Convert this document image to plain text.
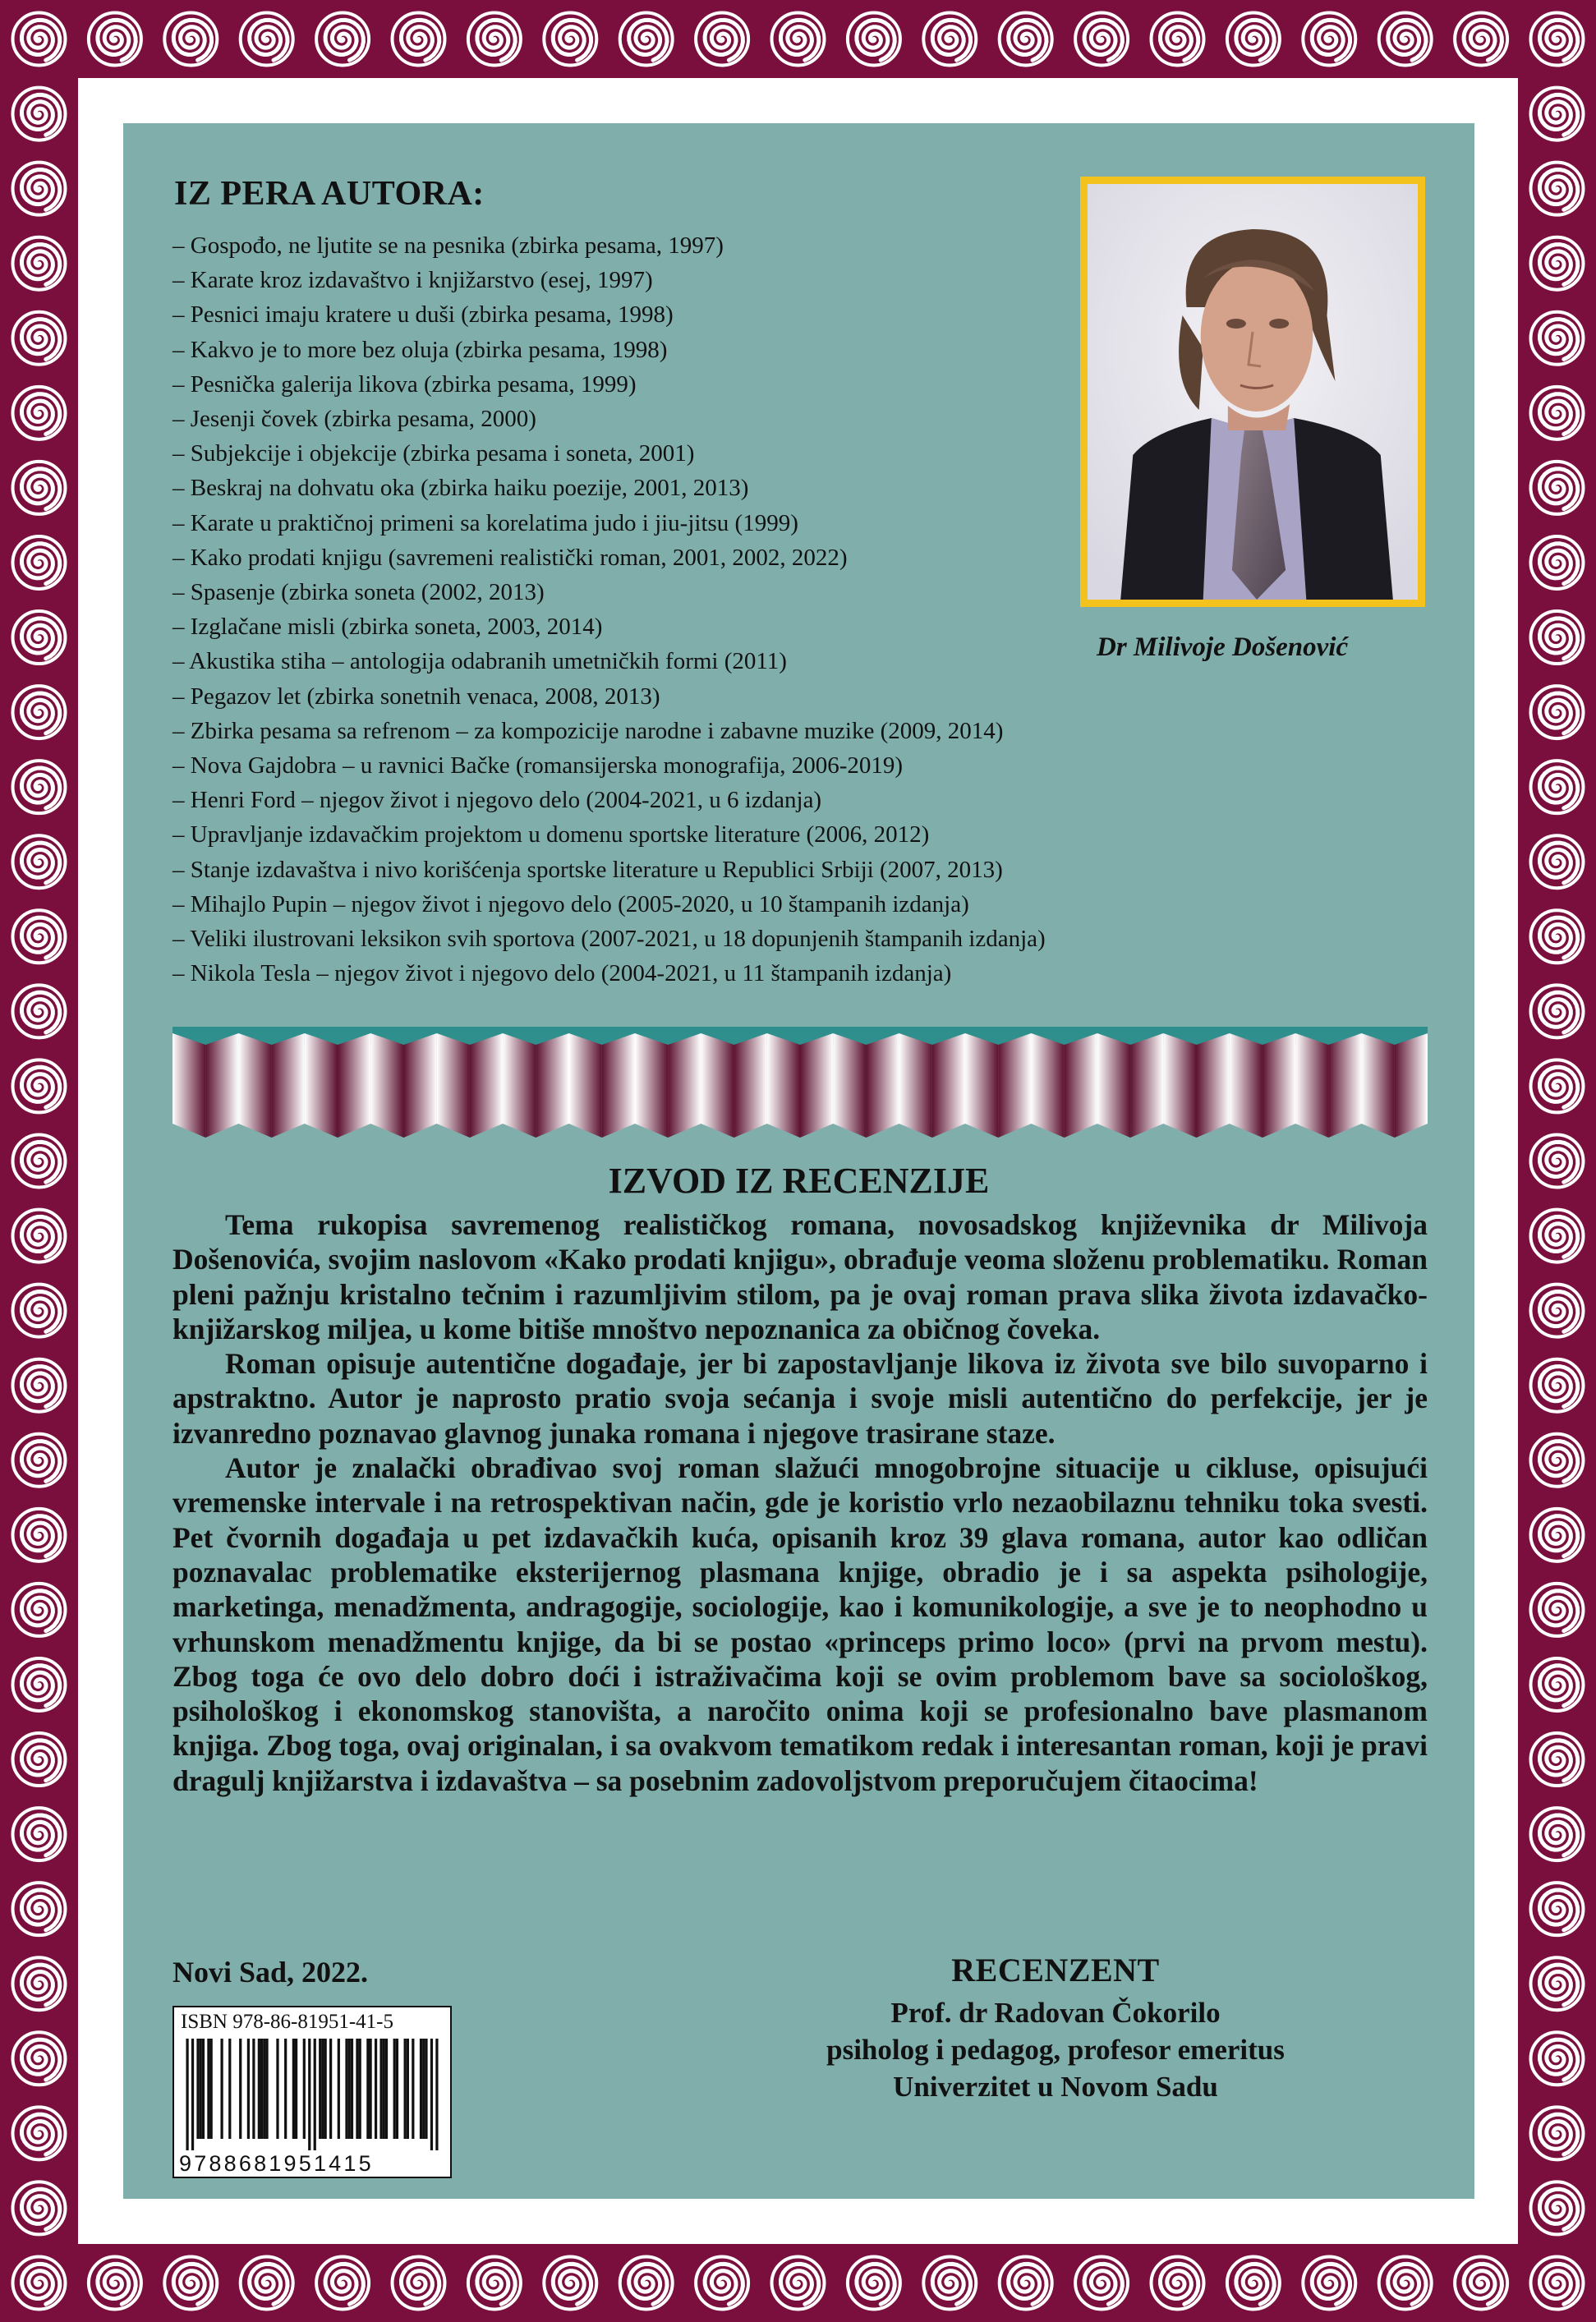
IZ PERA AUTORA:
– Gospođo, ne ljutite se na pesnika (zbirka pesama, 1997)
– Karate kroz izdavaštvo i knjižarstvo (esej, 1997)
– Pesnici imaju kratere u duši (zbirka pesama, 1998)
– Kakvo je to more bez oluja (zbirka pesama, 1998)
– Pesnička galerija likova (zbirka pesama, 1999)
– Jesenji čovek (zbirka pesama, 2000)
– Subjekcije i objekcije (zbirka pesama i soneta, 2001)
– Beskraj na dohvatu oka (zbirka haiku poezije, 2001, 2013)
– Karate u praktičnoj primeni sa korelatima judo i jiu-jitsu (1999)
– Kako prodati knjigu (savremeni realistički roman, 2001, 2002, 2022)
– Spasenje (zbirka soneta (2002, 2013)
– Izglačane misli (zbirka soneta, 2003, 2014)
– Akustika stiha – antologija odabranih umetničkih formi (2011)
– Pegazov let (zbirka sonetnih venaca, 2008, 2013)
– Zbirka pesama sa refrenom – za kompozicije narodne i zabavne muzike (2009, 2014)
– Nova Gajdobra – u ravnici Bačke (romansijerska monografija, 2006-2019)
– Henri Ford – njegov život i njegovo delo (2004-2021, u 6 izdanja)
– Upravljanje izdavačkim projektom u domenu sportske literature (2006, 2012)
– Stanje izdavaštva i nivo korišćenja sportske literature u Republici Srbiji (2007, 2013)
– Mihajlo Pupin – njegov život i njegovo delo (2005-2020, u 10 štampanih izdanja)
– Veliki ilustrovani leksikon svih sportova (2007-2021, u 18 dopunjenih štampanih izdanja)
– Nikola Tesla – njegov život i njegovo delo (2004-2021, u 11 štampanih izdanja)
Dr Milivoje Došenović
IZVOD IZ RECENZIJE

Tema rukopisa savremenog realističkog romana, novosadskog književnika dr Milivoja Došenovića, svojim naslovom «Kako prodati knjigu», obrađuje veoma složenu problematiku. Roman pleni pažnju kristalno tečnim i razumljivim stilom, pa je ovaj roman prava slika života izdavačko-knjižarskog miljea, u kome bitiše mnoštvo nepoznanica za običnog čoveka.

Roman opisuje autentične događaje, jer bi zapostavljanje likova iz života sve bilo suvoparno i apstraktno. Autor je naprosto pratio svoja sećanja i svoje misli autentično do perfekcije, jer je izvanredno poznavao glavnog junaka romana i njegove trasirane staze.

Autor je znalački obrađivao svoj roman slažući mnogobrojne situacije u cikluse, opisujući vremenske intervale i na retrospektivan način, gde je koristio vrlo nezaobilaznu tehniku toka svesti. Pet čvornih događaja u pet izdavačkih kuća, opisanih kroz 39 glava romana, autor kao odličan poznavalac problematike eksterijernog plasmana knjige, obradio je i sa aspekta psihologije, marketinga, menadžmenta, andragogije, sociologije, kao i komunikologije, a sve je to neophodno u vrhunskom menadžmentu knjige, da bi se postao «princeps primo loco» (prvi na prvom mestu). Zbog toga će ovo delo dobro doći i istraživačima koji se ovim problemom bave sa sociološkog, psihološkog i ekonomskog stanovišta, a naročito onima koji se profesionalno bave plasmanom knjiga. Zbog toga, ovaj originalan, i sa ovakvom tematikom redak i interesantan roman, koji je pravi dragulj knjižarstva i izdavaštva – sa posebnim zadovoljstvom preporučujem čitaocima!

Novi Sad, 2022.	RECENZENT
Prof. dr Radovan Čokorilo
psiholog i pedagog, profesor emeritus
Univerzitet u Novom Sadu
ISBN 978-86-81951-41-5
9788681951415
